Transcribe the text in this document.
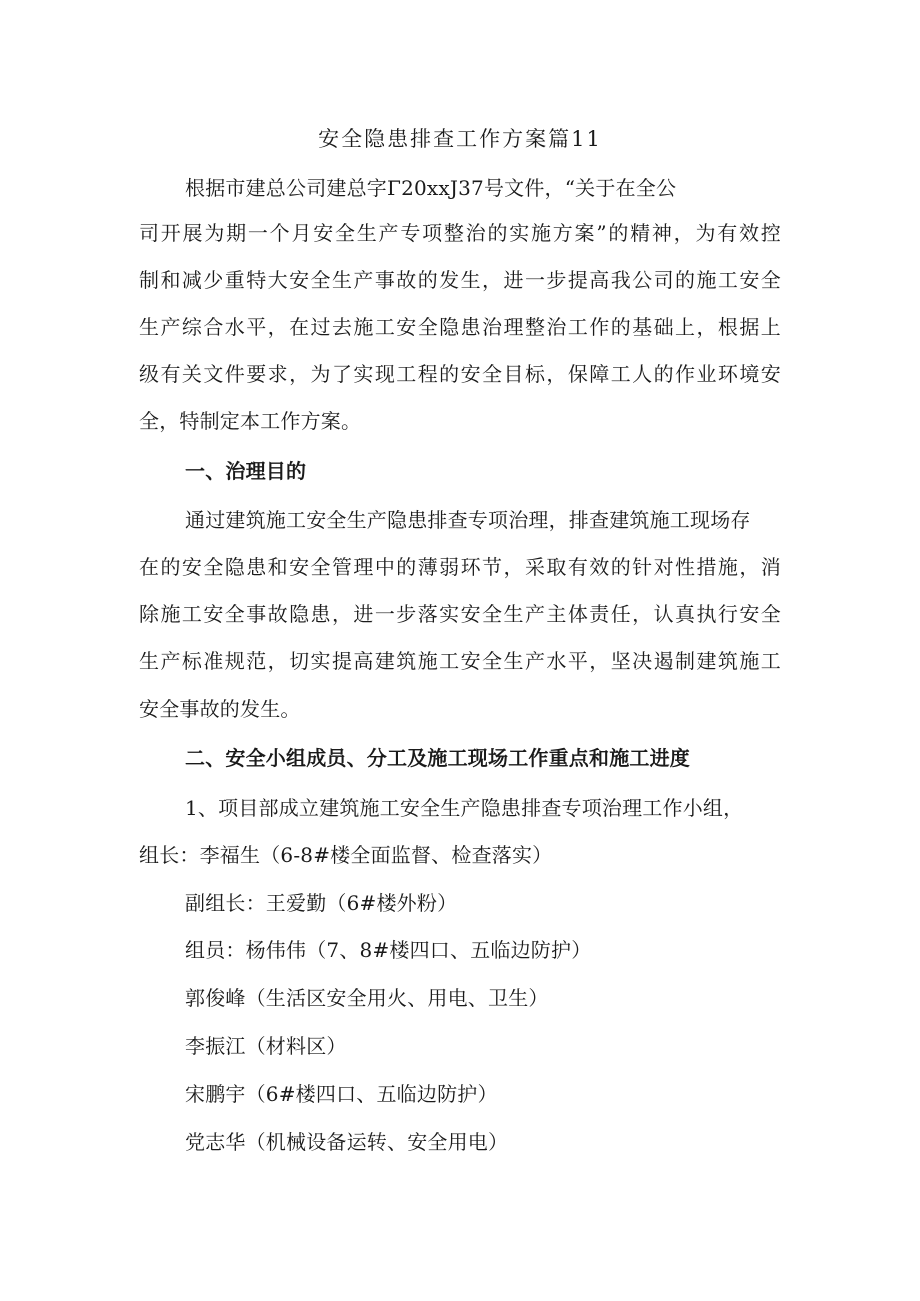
安全隐患排查工作方案篇11
根据市建总公司建总字Γ20xxJ37号文件，“关于在全公
司开展为期一个月安全生产专项整治的实施方案”的精神，为有效控
制和减少重特大安全生产事故的发生，进一步提高我公司的施工安全
生产综合水平，在过去施工安全隐患治理整治工作的基础上，根据上
级有关文件要求，为了实现工程的安全目标，保障工人的作业环境安
全，特制定本工作方案。
一、治理目的
通过建筑施工安全生产隐患排查专项治理，排查建筑施工现场存
在的安全隐患和安全管理中的薄弱环节，采取有效的针对性措施，消
除施工安全事故隐患，进一步落实安全生产主体责任，认真执行安全
生产标准规范，切实提高建筑施工安全生产水平，坚决遏制建筑施工
安全事故的发生。
二、安全小组成员、分工及施工现场工作重点和施工进度
1、项目部成立建筑施工安全生产隐患排查专项治理工作小组，
组长：李福生（6-8#楼全面监督、检查落实）
副组长：王爱勤（6#楼外粉）
组员：杨伟伟（7、8#楼四口、五临边防护）
郭俊峰（生活区安全用火、用电、卫生）
李振江（材料区）
宋鹏宇（6#楼四口、五临边防护）
党志华（机械设备运转、安全用电）
